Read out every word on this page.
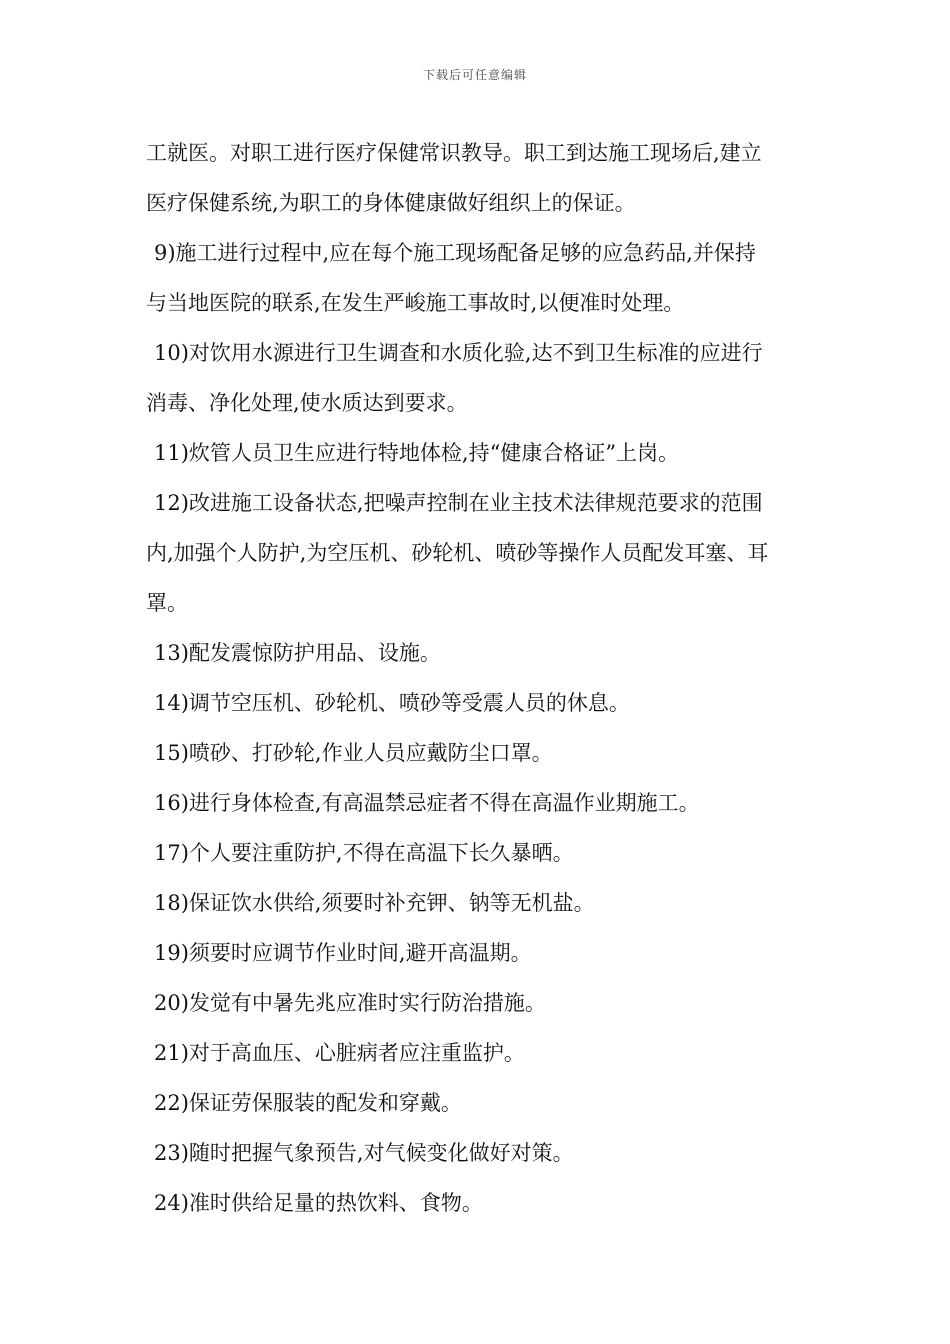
下载后可任意编辑
工就医。对职工进行医疗保健常识教导。职工到达施工现场后,建立
医疗保健系统,为职工的身体健康做好组织上的保证。
9)施工进行过程中,应在每个施工现场配备足够的应急药品,并保持
与当地医院的联系,在发生严峻施工事故时,以便准时处理。
10)对饮用水源进行卫生调查和水质化验,达不到卫生标准的应进行
消毒、净化处理,使水质达到要求。
11)炊管人员卫生应进行特地体检,持“健康合格证”上岗。
12)改进施工设备状态,把噪声控制在业主技术法律规范要求的范围
内,加强个人防护,为空压机、砂轮机、喷砂等操作人员配发耳塞、耳
罩。
13)配发震惊防护用品、设施。
14)调节空压机、砂轮机、喷砂等受震人员的休息。
15)喷砂、打砂轮,作业人员应戴防尘口罩。
16)进行身体检查,有高温禁忌症者不得在高温作业期施工。
17)个人要注重防护,不得在高温下长久暴晒。
18)保证饮水供给,须要时补充钾、钠等无机盐。
19)须要时应调节作业时间,避开高温期。
20)发觉有中暑先兆应准时实行防治措施。
21)对于高血压、心脏病者应注重监护。
22)保证劳保服装的配发和穿戴。
23)随时把握气象预告,对气候变化做好对策。
24)准时供给足量的热饮料、食物。
